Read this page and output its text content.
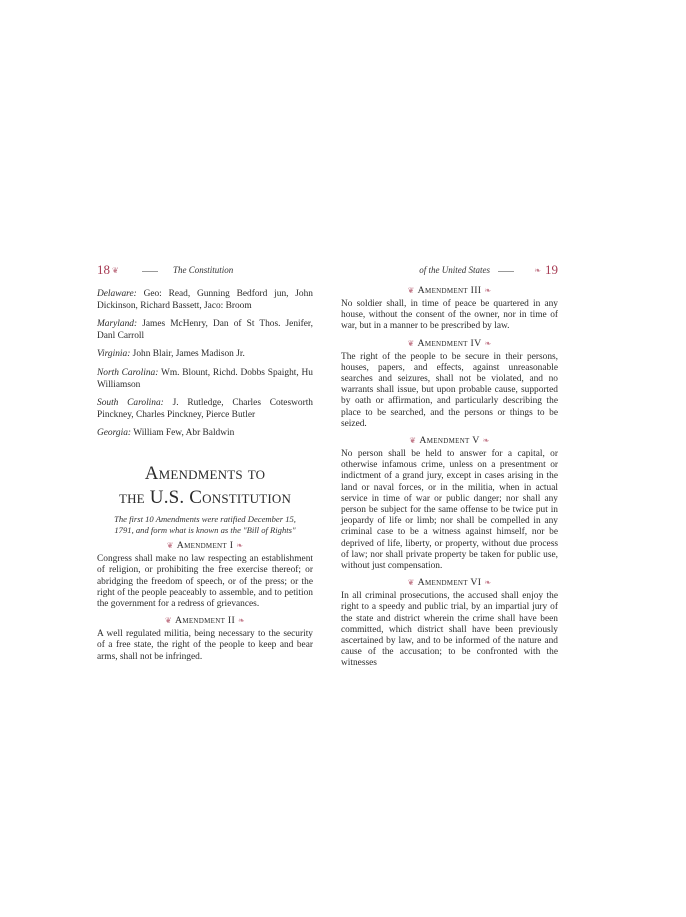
18 ❦	The Constitution

Delaware: Geo: Read, Gunning Bedford jun, John Dickinson, Richard Bassett, Jaco: Broom

Maryland: James McHenry, Dan of St Thos. Jenifer, Danl Carroll

Virginia: John Blair, James Madison Jr.

North Carolina: Wm. Blount, Richd. Dobbs Spaight, Hu Williamson

South Carolina: J. Rutledge, Charles Cotesworth Pinckney, Charles Pinckney, Pierce Butler

Georgia: William Few, Abr Baldwin

Amendments to
the U.S. Constitution
The first 10 Amendments were ratified December 15, 1791, and form what is known as the "Bill of Rights"
❦ Amendment I ❧

Congress shall make no law respecting an establishment of religion, or prohibiting the free exercise thereof; or abridging the freedom of speech, or of the press; or the right of the people peaceably to assemble, and to petition the government for a redress of grievances.

❦ Amendment II ❧

A well regulated militia, being necessary to the security of a free state, the right of the people to keep and bear arms, shall not be infringed.

of the United States	❧ 19
❦ Amendment III ❧

No soldier shall, in time of peace be quartered in any house, without the consent of the owner, nor in time of war, but in a manner to be prescribed by law.

❦ Amendment IV ❧

The right of the people to be secure in their persons, houses, papers, and effects, against unreasonable searches and seizures, shall not be violated, and no warrants shall issue, but upon probable cause, supported by oath or affirmation, and particularly describing the place to be searched, and the persons or things to be seized.

❦ Amendment V ❧

No person shall be held to answer for a capital, or otherwise infamous crime, unless on a presentment or indictment of a grand jury, except in cases arising in the land or naval forces, or in the militia, when in actual service in time of war or public danger; nor shall any person be subject for the same offense to be twice put in jeopardy of life or limb; nor shall be compelled in any criminal case to be a witness against himself, nor be deprived of life, liberty, or property, without due process of law; nor shall private property be taken for public use, without just compensation.

❦ Amendment VI ❧

In all criminal prosecutions, the accused shall enjoy the right to a speedy and public trial, by an impartial jury of the state and district wherein the crime shall have been committed, which district shall have been previously ascertained by law, and to be informed of the nature and cause of the accusation; to be confronted with the witnesses
